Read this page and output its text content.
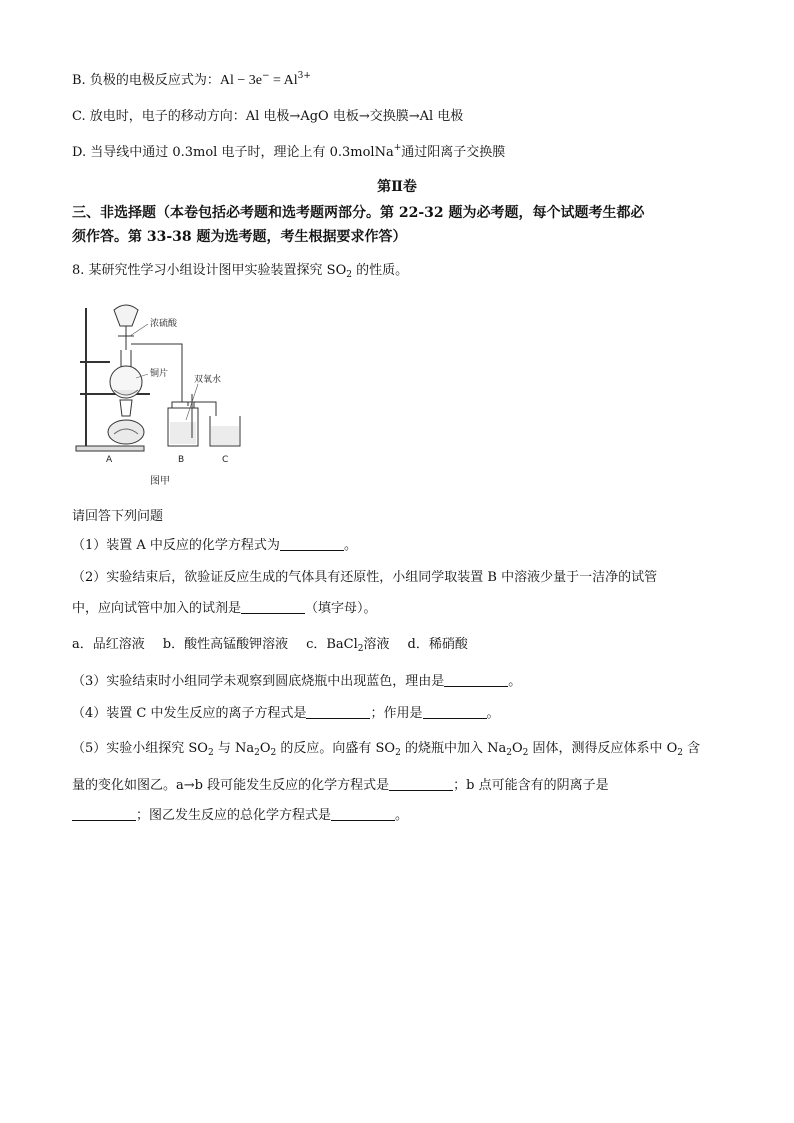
B. 负极的电极反应式为：$Al - 3e^- = Al^{3+}$
C. 放电时，电子的移动方向：Al 电极→AgO 电板→交换膜→Al 电极
D. 当导线中通过 0.3mol 电子时，理论上有 0.3molNa+通过阳离子交换膜
第Ⅱ卷
三、非选择题（本卷包括必考题和选考题两部分。第 22-32 题为必考题，每个试题考生都必
须作答。第 33-38 题为选考题，考生根据要求作答）
8. 某研究性学习小组设计图甲实验装置探究 $SO_2$ 的性质。
浓硫酸
铜片
双氧水
A	B	C
图甲
请回答下列问题
（1）装置 A 中反应的化学方程式为	。
（2）实验结束后，欲验证反应生成的气体具有还原性，小组同学取装置 B 中溶液少量于一洁净的试管
中，应向试管中加入的试剂是	（填字母）。
a．品红溶液 b．酸性高锰酸钾溶液 c．BaCl$_2$溶液 d．稀硝酸
（3）实验结束时小组同学未观察到圆底烧瓶中出现蓝色，理由是	。
（4）装置 C 中发生反应的离子方程式是	；作用是	。
（5）实验小组探究 $SO_2$ 与 $Na_2O_2$ 的反应。向盛有 $SO_2$ 的烧瓶中加入 $Na_2O_2$ 固体，测得反应体系中 $O_2$ 含
量的变化如图乙。a→b 段可能发生反应的化学方程式是	；b 点可能含有的阴离子是
；图乙发生反应的总化学方程式是	。
